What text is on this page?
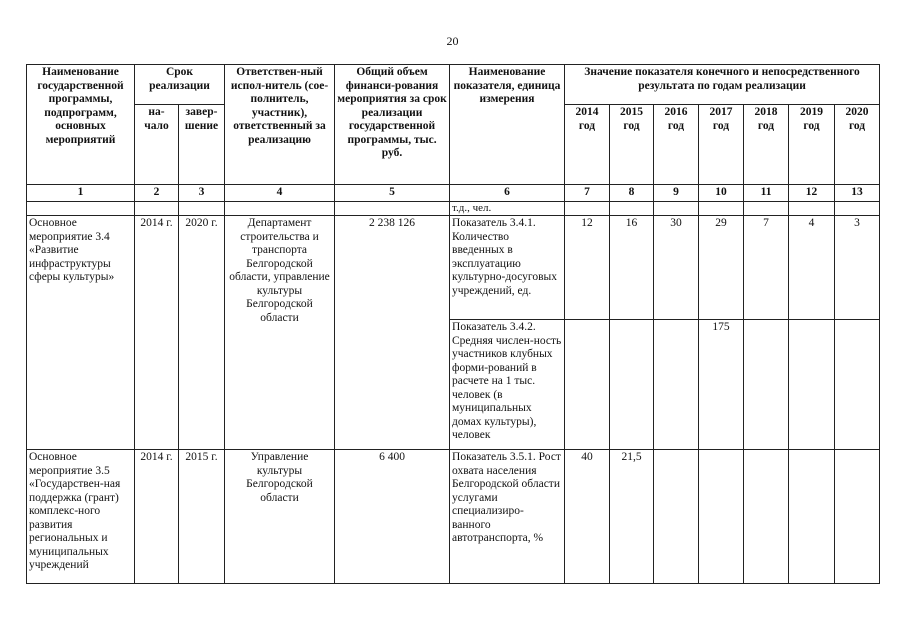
20
Наименование государственной программы, подпрограмм, основных мероприятий	Срок реализации		Ответствен-ный испол-нитель (сое-полнитель, участник), ответственный за реализацию	Общий объем финанси-рования мероприятия за срок реализации государственной программы, тыс. руб.	Наименование показателя, единица измерения	Значение показателя конечного и непосредственного результата по годам реализации						
	на-чало	завер-шение				2014 год	2015 год	2016 год	2017 год	2018 год	2019 год	2020 год
1	2	3	4	5	6	7	8	9	10	11	12	13
					т.д., чел.							
Основное мероприятие 3.4 «Развитие инфраструктуры сферы культуры»	2014 г.	2020 г.	Департамент строительства и транспорта Белгородской области, управление культуры Белгородской области	2 238 126	Показатель 3.4.1. Количество введенных в эксплуатацию культурно-досуговых учреждений, ед.	12	16	30	29	7	4	3
					Показатель 3.4.2. Средняя числен-ность участников клубных форми-рований в расчете на 1 тыс. человек (в муниципальных домах культуры), человек				175			
Основное мероприятие 3.5 «Государствен-ная поддержка (грант) комплекс-ного развития региональных и муниципальных учреждений	2014 г.	2015 г.	Управление культуры Белгородской области	6 400	Показатель 3.5.1. Рост охвата населения Белгородской области услугами специализиро-ванного автотранспорта, %	40	21,5					
